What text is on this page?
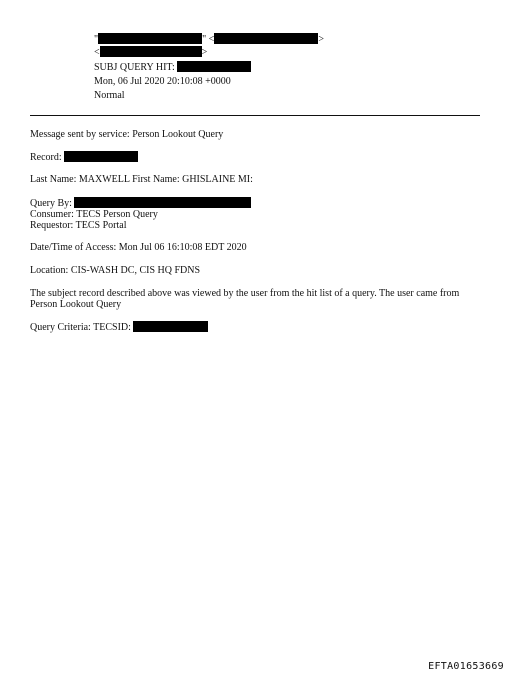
"	" <	>
<	>
SUBJ QUERY HIT:
Mon, 06 Jul 2020 20:10:08 +0000
Normal
Message sent by service: Person Lookout Query
Record:
Last Name: MAXWELL First Name: GHISLAINE MI:
Query By:
Consumer: TECS Person Query
Requestor: TECS Portal
Date/Time of Access: Mon Jul 06 16:10:08 EDT 2020
Location: CIS-WASH DC, CIS HQ FDNS
The subject record described above was viewed by the user from the hit list of a query. The user came from
Person Lookout Query
Query Criteria: TECSID:
EFTA01653669
